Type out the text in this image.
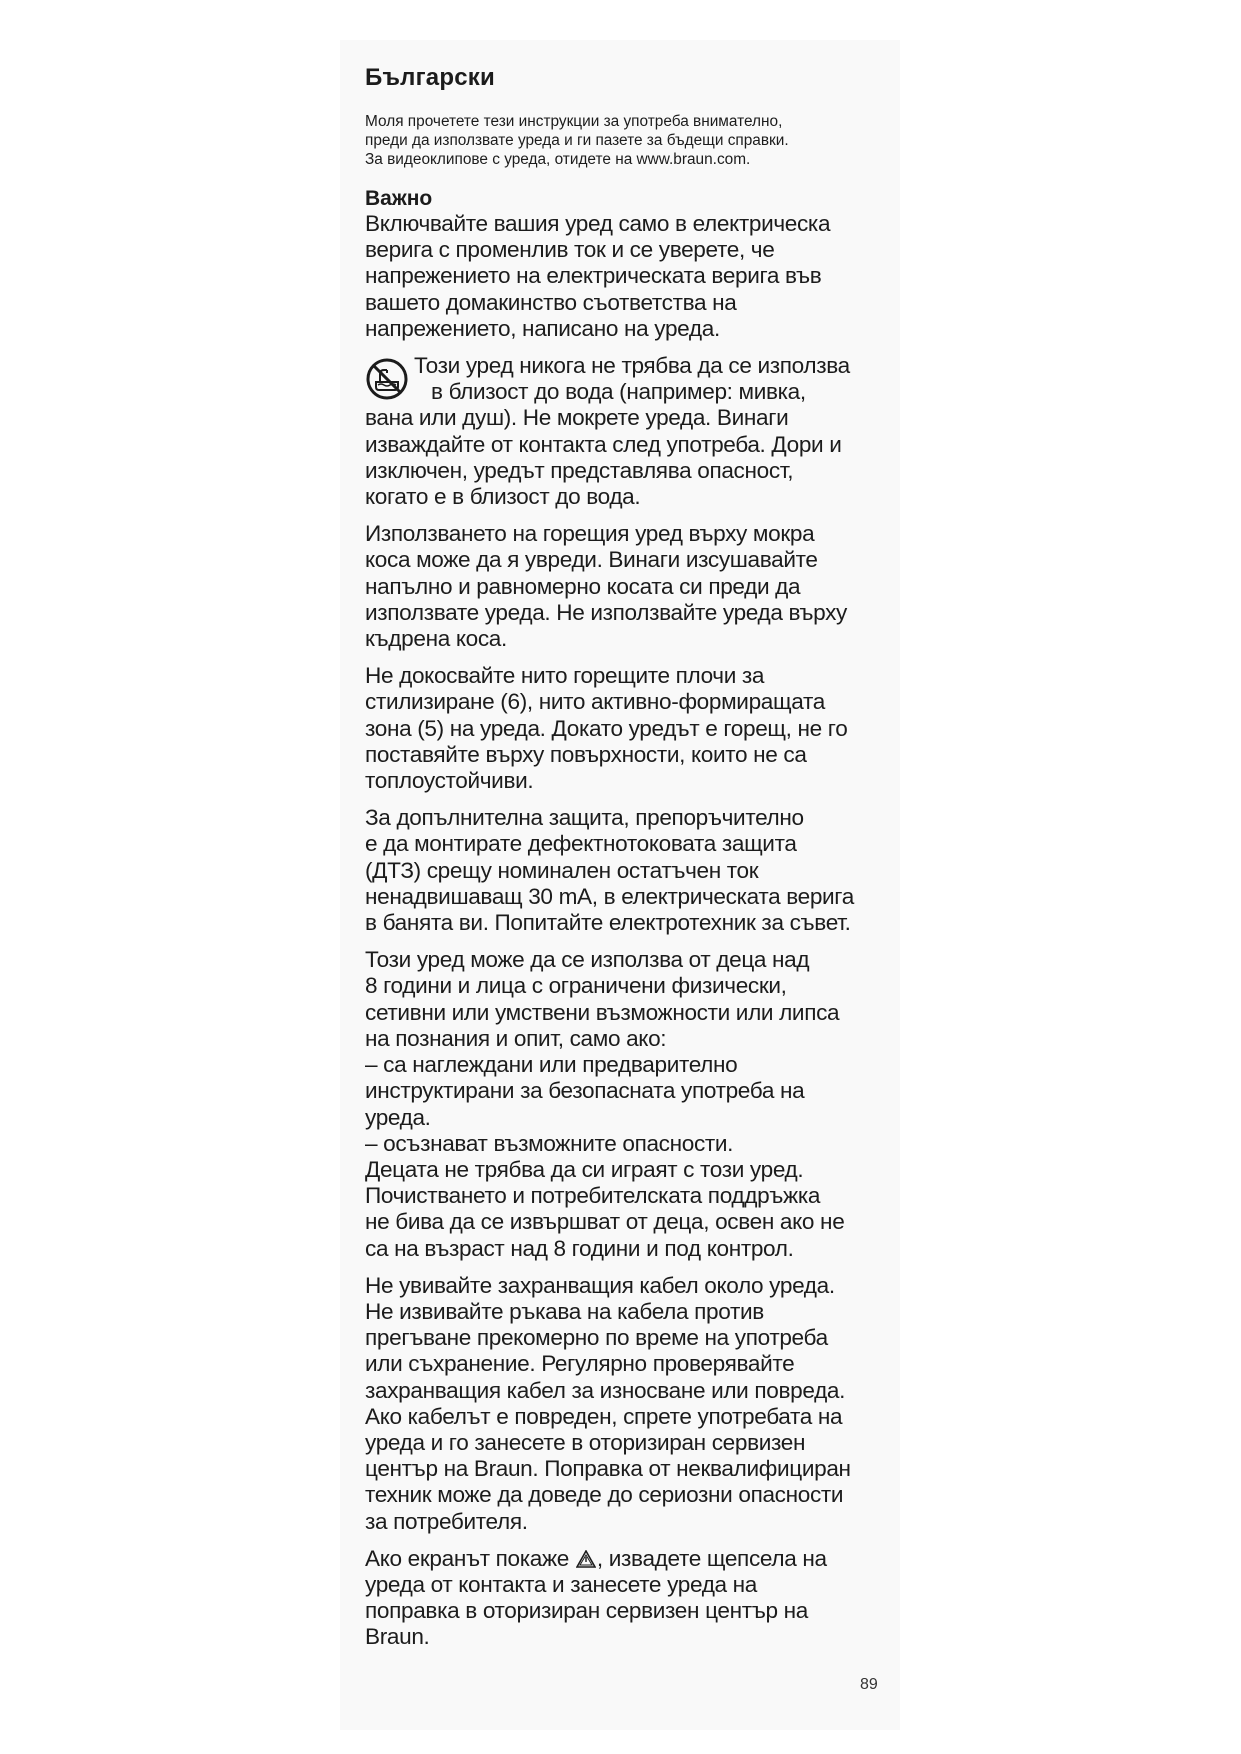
Български

Моля прочетете тези инструкции за употреба внимателно,
преди да използвате уреда и ги пазете за бъдещи справки.
За видеоклипове с уреда, отидете на www.braun.com.

Важно

Включвайте вашия уред само в електрическа
верига с променлив ток и се уверете, че
напрежението на електрическата верига във
вашето домакинство съответства на
напрежението, написано на уреда.

Този уред никога не трябва да се използва
в близост до вода (например: мивка,
вана или душ). Не мокрете уреда. Винаги
изваждайте от контакта след употреба. Дори и
изключен, уредът представлява опасност,
когато е в близост до вода.

Използването на горещия уред върху мокра
коса може да я увреди. Винаги изсушавайте
напълно и равномерно косата си преди да
използвате уреда. Не използвайте уреда върху
къдрена коса.

Не докосвайте нито горещите плочи за
стилизиране (6), нито активно-формиращата
зона (5) на уреда. Докато уредът е горещ, не го
поставяйте върху повърхности, които не са
топлоустойчиви.

За допълнителна защита, препоръчително
е да монтирате дефектнотоковата защита
(ДТЗ) срещу номинален остатъчен ток
ненадвишаващ 30 mA, в електрическата верига
в банята ви. Попитайте електротехник за съвет.

Този уред може да се използва от деца над
8 години и лица с ограничени физически,
сетивни или умствени възможности или липса
на познания и опит, само ако:
– са наглеждани или предварително
инструктирани за безопасната употреба на
уреда.
– осъзнават възможните опасности.
Децата не трябва да си играят с този уред.
Почистването и потребителската поддръжка
не бива да се извършват от деца, освен ако не
са на възраст над 8 години и под контрол.

Не увивайте захранващия кабел около уреда.
Не извивайте ръкава на кабела против
прегъване прекомерно по време на употреба
или съхранение. Регулярно проверявайте
захранващия кабел за износване или повреда.
Ако кабелът е повреден, спрете употребата на
уреда и го занесете в оторизиран сервизен
център на Braun. Поправка от неквалифициран
техник може да доведе до сериозни опасности
за потребителя.

Ако екранът покаже , извадете щепсела на
уреда от контакта и занесете уреда на
поправка в оторизиран сервизен център на
Braun.

89
